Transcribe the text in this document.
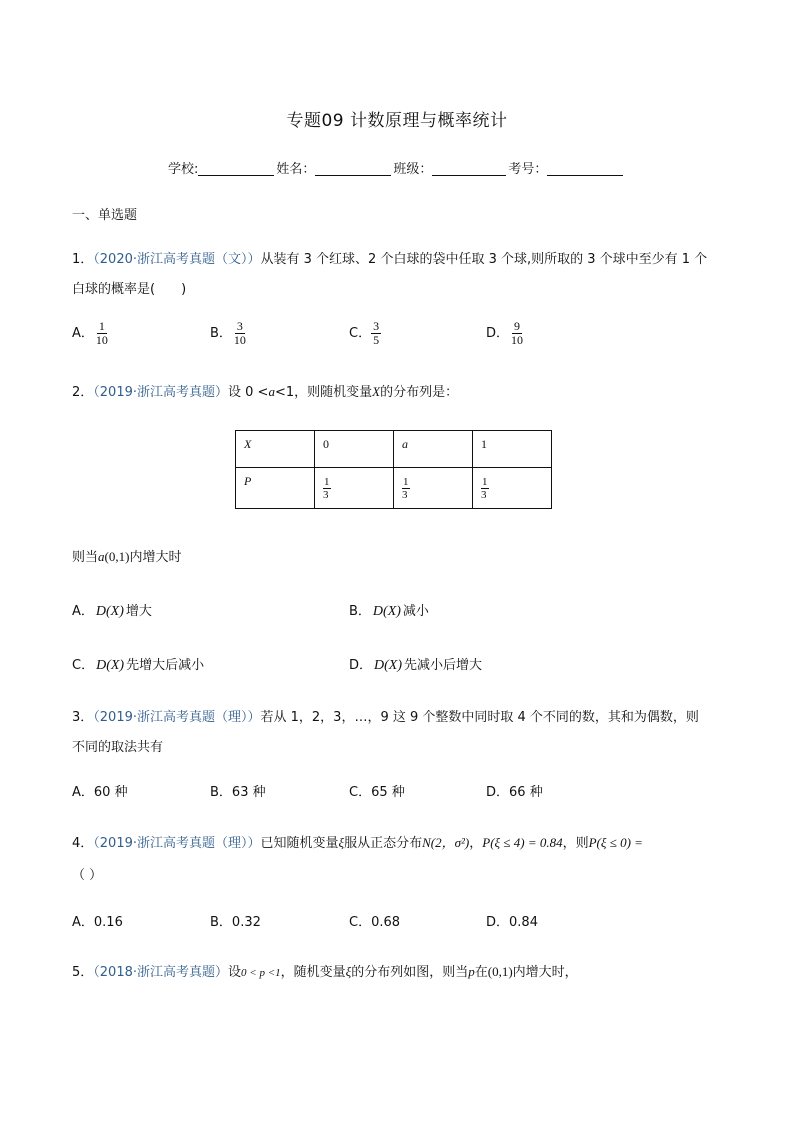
专题09 计数原理与概率统计
学校:	姓名：	班级：	考号：
一、单选题
1．（2020·浙江高考真题（文））从装有 3 个红球、2 个白球的袋中任取 3 个球,则所取的 3 个球中至少有 1 个
白球的概率是(　　)
A． $\frac{1}{10}$	B． $\frac{3}{10}$	C． $\frac{3}{5}$	D． $\frac{9}{10}$
2．（2019·浙江高考真题）设 0 <a<1，则随机变量X的分布列是：
X	0	a	1
P	$\frac{1}{3}$	$\frac{1}{3}$	$\frac{1}{3}$
则当a(0,1)内增大时
A． D(X) 增大	B． D(X) 减小
C． D(X) 先增大后减小	D． D(X) 先减小后增大
3．（2019·浙江高考真题（理））若从 1，2，3，…，9 这 9 个整数中同时取 4 个不同的数，其和为偶数，则
不同的取法共有
A．60 种	B．63 种	C．65 种	D．66 种
4．（2019·浙江高考真题（理））已知随机变量ξ服从正态分布N(2，σ²)，P(ξ ≤ 4) = 0.84，则P(ξ ≤ 0) =
（ ）
A．0.16	B．0.32	C．0.68	D．0.84
5．（2018·浙江高考真题）设0 < p <1，随机变量ξ的分布列如图，则当p在(0,1)内增大时，
